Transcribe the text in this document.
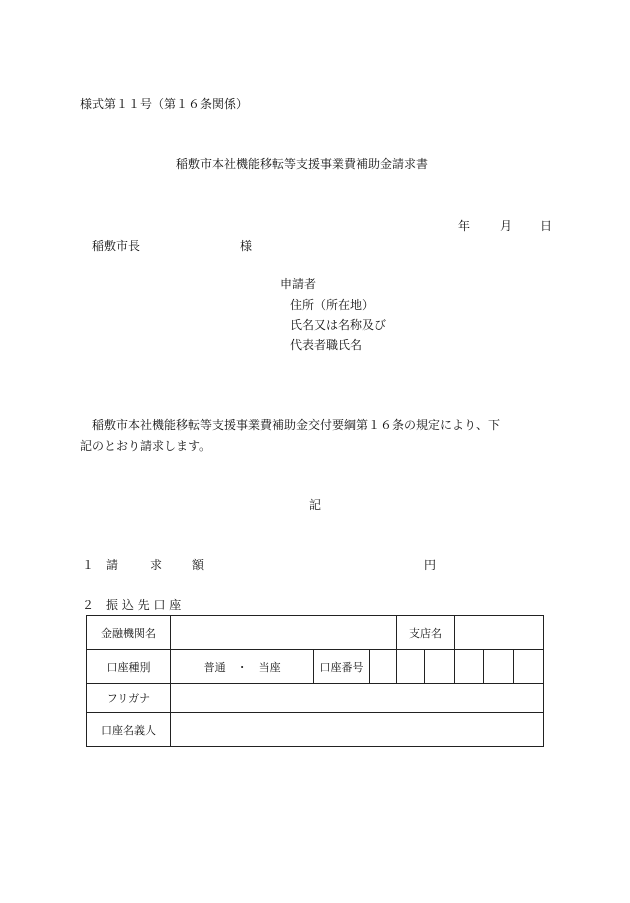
様式第１１号（第１６条関係）
稲敷市本社機能移転等支援事業費補助金請求書
年 月 日
稲敷市長	様
申請者
住所（所在地）
氏名又は名称及び
代表者職氏名
稲敷市本社機能移転等支援事業費補助金交付要綱第１６条の規定により、下
記のとおり請求します。
記
１ 請	求 額	円
２ 振 込 先 口 座
金融機関名				支店名				
口座種別	普通　・　当座	口座番号						
フリガナ								
口座名義人								
